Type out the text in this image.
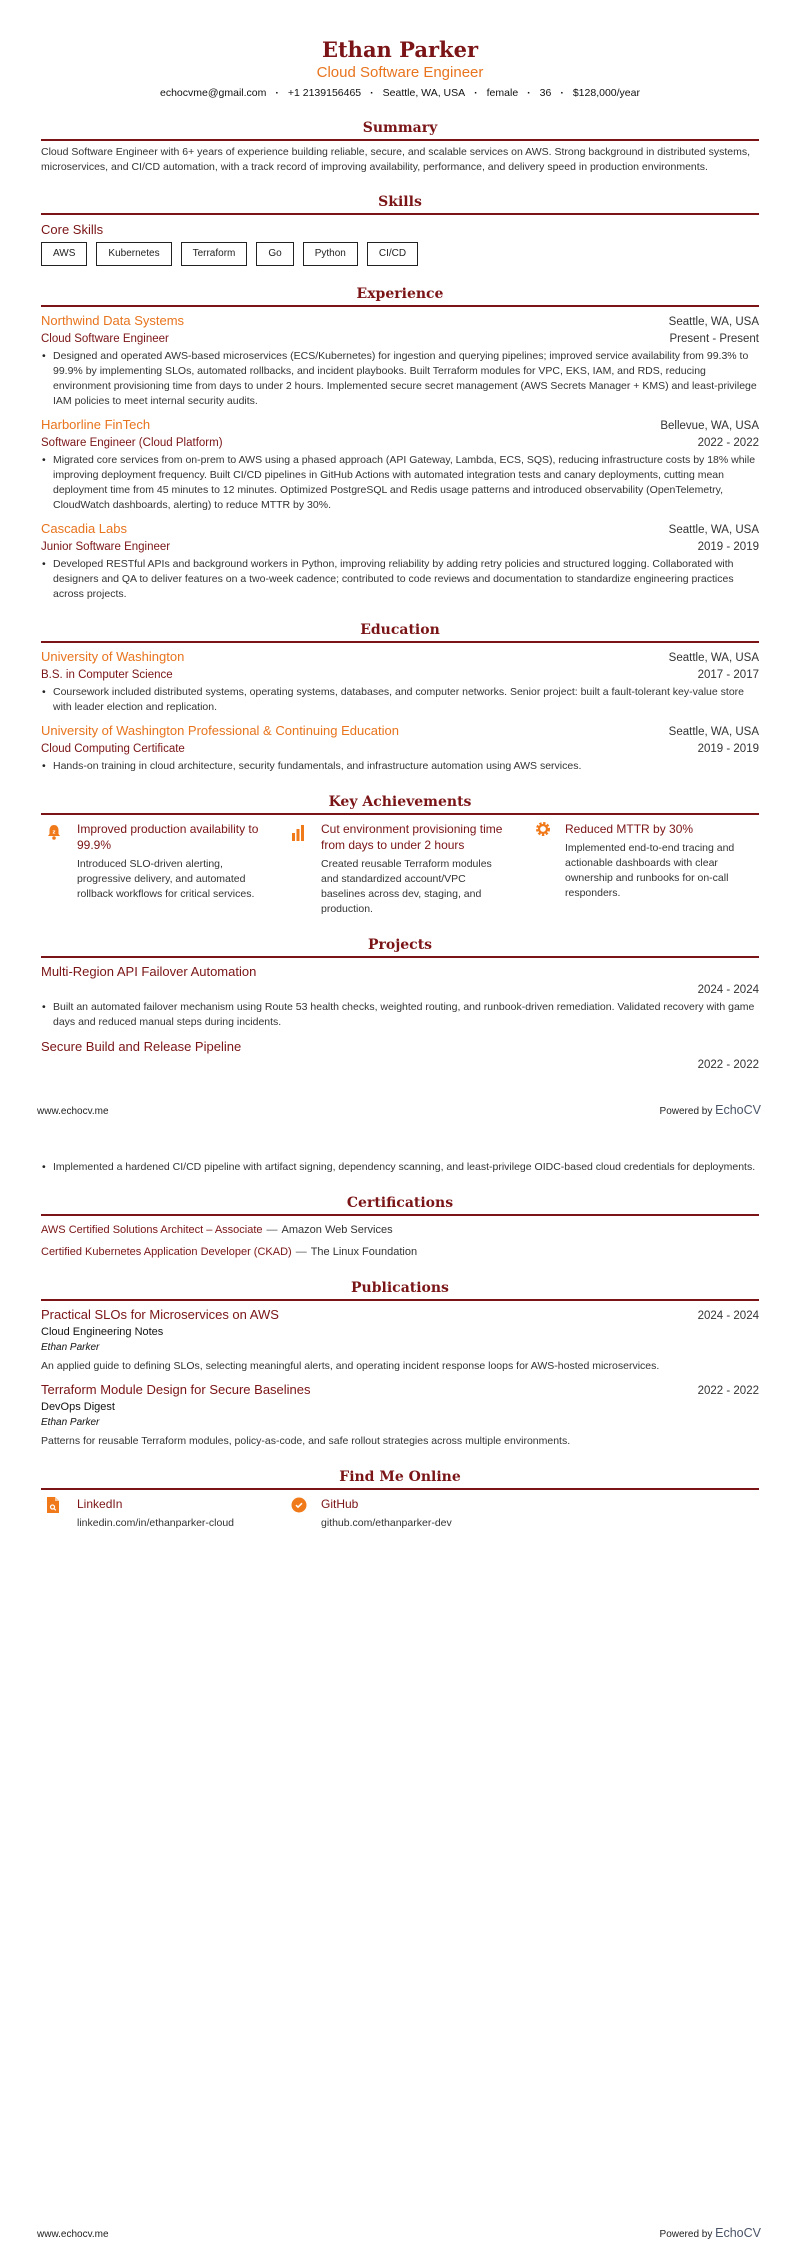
Ethan Parker
Cloud Software Engineer
echocvme@gmail.com · +1 2139156465 · Seattle, WA, USA · female · 36 · $128,000/year
Summary
Cloud Software Engineer with 6+ years of experience building reliable, secure, and scalable services on AWS. Strong background in distributed systems, microservices, and CI/CD automation, with a track record of improving availability, performance, and delivery speed in production environments.
Skills
Core Skills
AWS	Kubernetes	Terraform	Go	Python	CI/CD
Experience
Northwind Data Systems	Seattle, WA, USA
Cloud Software Engineer	Present - Present
• Designed and operated AWS-based microservices (ECS/Kubernetes) for ingestion and querying pipelines; improved service availability from 99.3% to 99.9% by implementing SLOs, automated rollbacks, and incident playbooks. Built Terraform modules for VPC, EKS, IAM, and RDS, reducing environment provisioning time from days to under 2 hours. Implemented secure secret management (AWS Secrets Manager + KMS) and least-privilege IAM policies to meet internal security audits.
Harborline FinTech	Bellevue, WA, USA
Software Engineer (Cloud Platform)	2022 - 2022
• Migrated core services from on-prem to AWS using a phased approach (API Gateway, Lambda, ECS, SQS), reducing infrastructure costs by 18% while improving deployment frequency. Built CI/CD pipelines in GitHub Actions with automated integration tests and canary deployments, cutting mean deployment time from 45 minutes to 12 minutes. Optimized PostgreSQL and Redis usage patterns and introduced observability (OpenTelemetry, CloudWatch dashboards, alerting) to reduce MTTR by 30%.
Cascadia Labs	Seattle, WA, USA
Junior Software Engineer	2019 - 2019
• Developed RESTful APIs and background workers in Python, improving reliability by adding retry policies and structured logging. Collaborated with designers and QA to deliver features on a two-week cadence; contributed to code reviews and documentation to standardize engineering practices across projects.
Education
University of Washington	Seattle, WA, USA
B.S. in Computer Science	2017 - 2017
• Coursework included distributed systems, operating systems, databases, and computer networks. Senior project: built a fault-tolerant key-value store with leader election and replication.
University of Washington Professional & Continuing Education	Seattle, WA, USA
Cloud Computing Certificate	2019 - 2019
• Hands-on training in cloud architecture, security fundamentals, and infrastructure automation using AWS services.
Key Achievements
z Improved production availability to 99.9%
Introduced SLO-driven alerting, progressive delivery, and automated rollback workflows for critical services.
Cut environment provisioning time from days to under 2 hours
Created reusable Terraform modules and standardized account/VPC baselines across dev, staging, and production.
Reduced MTTR by 30%
Implemented end-to-end tracing and actionable dashboards with clear ownership and runbooks for on-call responders.
Projects
Multi-Region API Failover Automation
2024 - 2024
• Built an automated failover mechanism using Route 53 health checks, weighted routing, and runbook-driven remediation. Validated recovery with game days and reduced manual steps during incidents.
Secure Build and Release Pipeline
2022 - 2022
www.echocv.me	Powered by EchoCV
• Implemented a hardened CI/CD pipeline with artifact signing, dependency scanning, and least-privilege OIDC-based cloud credentials for deployments.
Certifications
AWS Certified Solutions Architect – Associate — Amazon Web Services
Certified Kubernetes Application Developer (CKAD) — The Linux Foundation
Publications
Practical SLOs for Microservices on AWS	2024 - 2024
Cloud Engineering Notes
Ethan Parker
An applied guide to defining SLOs, selecting meaningful alerts, and operating incident response loops for AWS-hosted microservices.
Terraform Module Design for Secure Baselines	2022 - 2022
DevOps Digest
Ethan Parker
Patterns for reusable Terraform modules, policy-as-code, and safe rollout strategies across multiple environments.
Find Me Online
LinkedIn
linkedin.com/in/ethanparker-cloud
GitHub
github.com/ethanparker-dev
www.echocv.me	Powered by EchoCV
